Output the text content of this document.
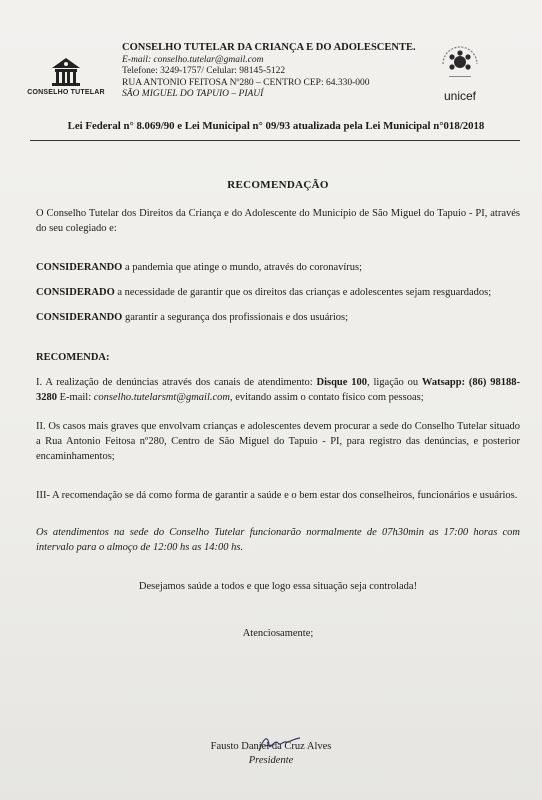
CONSELHO TUTELAR
CONSELHO TUTELAR DA CRIANÇA E DO ADOLESCENTE.
E-mail: conselho.tutelar@gmail.com
Telefone: 3249-1757/ Celular: 98145-5122
RUA ANTONIO FEITOSA Nº280 – CENTRO CEP: 64.330-000
SÃO MIGUEL DO TAPUIO – PIAUÍ	unicef
Lei Federal n° 8.069/90 e Lei Municipal n° 09/93 atualizada pela Lei Municipal n°018/2018

RECOMENDAÇÃO

O Conselho Tutelar dos Direitos da Criança e do Adolescente do Município de São Miguel do Tapuio - PI, através do seu colegiado e:

CONSIDERANDO a pandemia que atinge o mundo, através do coronavírus;

CONSIDERADO a necessidade de garantir que os direitos das crianças e adolescentes sejam resguardados;

CONSIDERANDO garantir a segurança dos profissionais e dos usuários;

RECOMENDA:

I. A realização de denúncias através dos canais de atendimento: Disque 100, ligação ou Watsapp: (86) 98188-3280 E-mail: conselho.tutelarsmt@gmail.com, evitando assim o contato físico com pessoas;

II. Os casos mais graves que envolvam crianças e adolescentes devem procurar a sede do Conselho Tutelar situado a Rua Antonio Feitosa nº280, Centro de São Miguel do Tapuio - PI, para registro das denúncias, e posterior encaminhamentos;

III- A recomendação se dá como forma de garantir a saúde e o bem estar dos conselheiros, funcionários e usuários.

Os atendimentos na sede do Conselho Tutelar funcionarão normalmente de 07h30min as 17:00 horas com intervalo para o almoço de 12:00 hs as 14:00 hs.

Desejamos saúde a todos e que logo essa situação seja controlada!

Atenciosamente;

Fausto Daniel da Cruz Alves
Presidente
